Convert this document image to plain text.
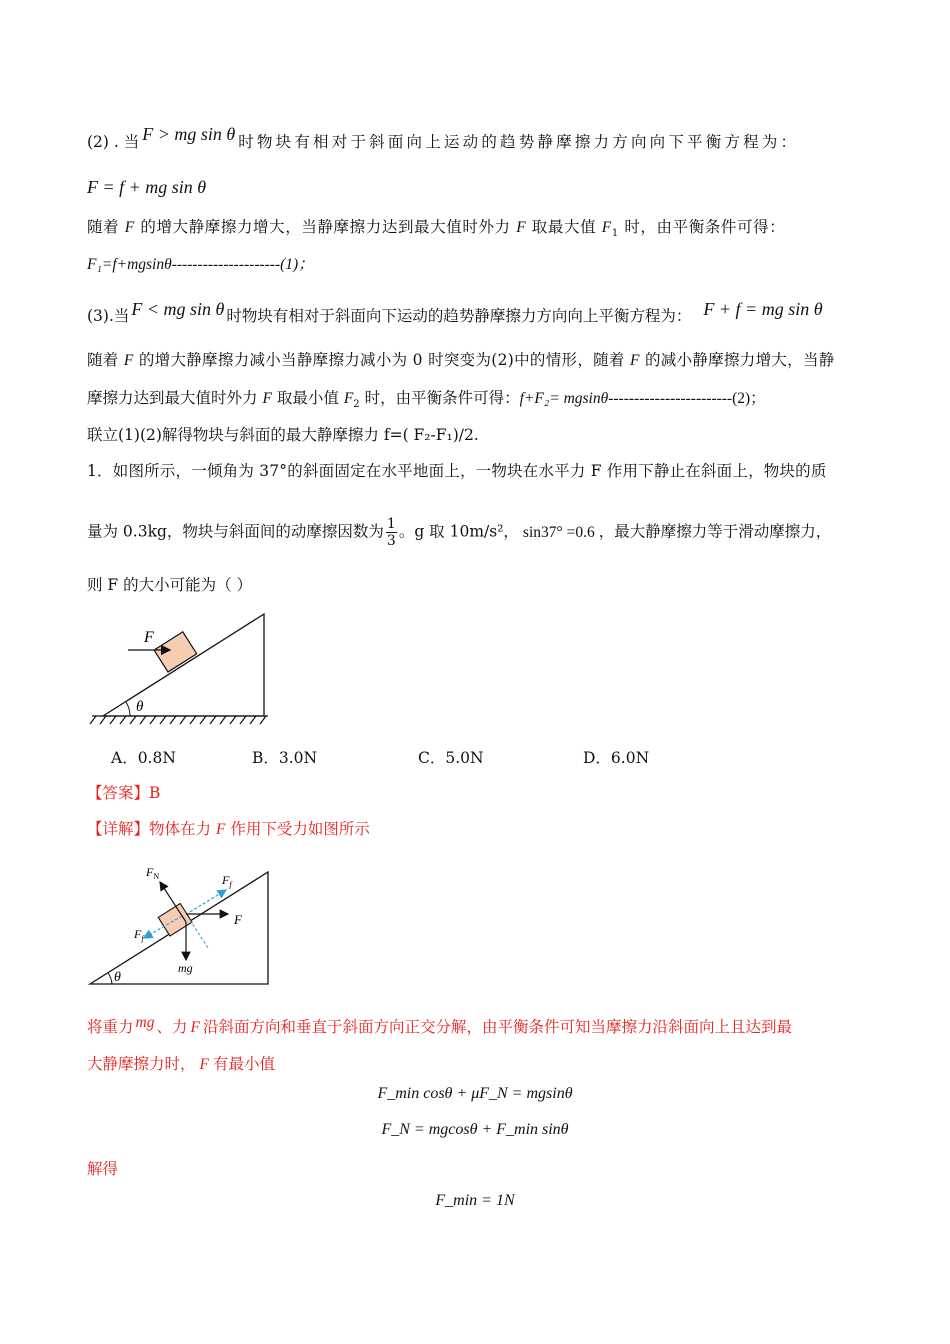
(2) . 当 F > mg sin θ 时物块有相对于斜面向上运动的趋势静摩擦力方向向下平衡方程为：
F = f + mg sin θ
随着 F 的增大静摩擦力增大，当静摩擦力达到最大值时外力 F 取最大值 $F_1$ 时，由平衡条件可得：
F₁=f+mgsinθ---------------------(1)；
(3).当 F < mg sin θ 时物块有相对于斜面向下运动的趋势静摩擦力方向向上平衡方程为： F + f = mg sin θ
随着 F 的增大静摩擦力减小当静摩擦力减小为 0 时突变为(2)中的情形，随着 F 的减小静摩擦力增大，当静
摩擦力达到最大值时外力 F 取最小值 $F_2$ 时，由平衡条件可得：f+F₂= mgsinθ------------------------(2)；
联立(1)(2)解得物块与斜面的最大静摩擦力 f=( F₂-F₁)/2.
1．如图所示，一倾角为 37°的斜面固定在水平地面上，一物块在水平力 F 作用下静止在斜面上，物块的质
量为 0.3kg，物块与斜面间的动摩擦因数为 $\frac{1}{3}$ 。g 取 10m/s²， sin37° =0.6 ，最大静摩擦力等于滑动摩擦力，
则 F 的大小可能为（ ）
θ
F
A．0.8N	B．3.0N	C．5.0N	D．6.0N
【答案】B
【详解】物体在力 F 作用下受力如图所示
θ
$F_N$	$F_f$
$F_f$
F
mg
将重力 mg 、力 F 沿斜面方向和垂直于斜面方向正交分解，由平衡条件可知当摩擦力沿斜面向上且达到最
大静摩擦力时， F 有最小值
F_min cosθ + μF_N = mgsinθ
F_N = mgcosθ + F_min sinθ
解得
F_min = 1N
